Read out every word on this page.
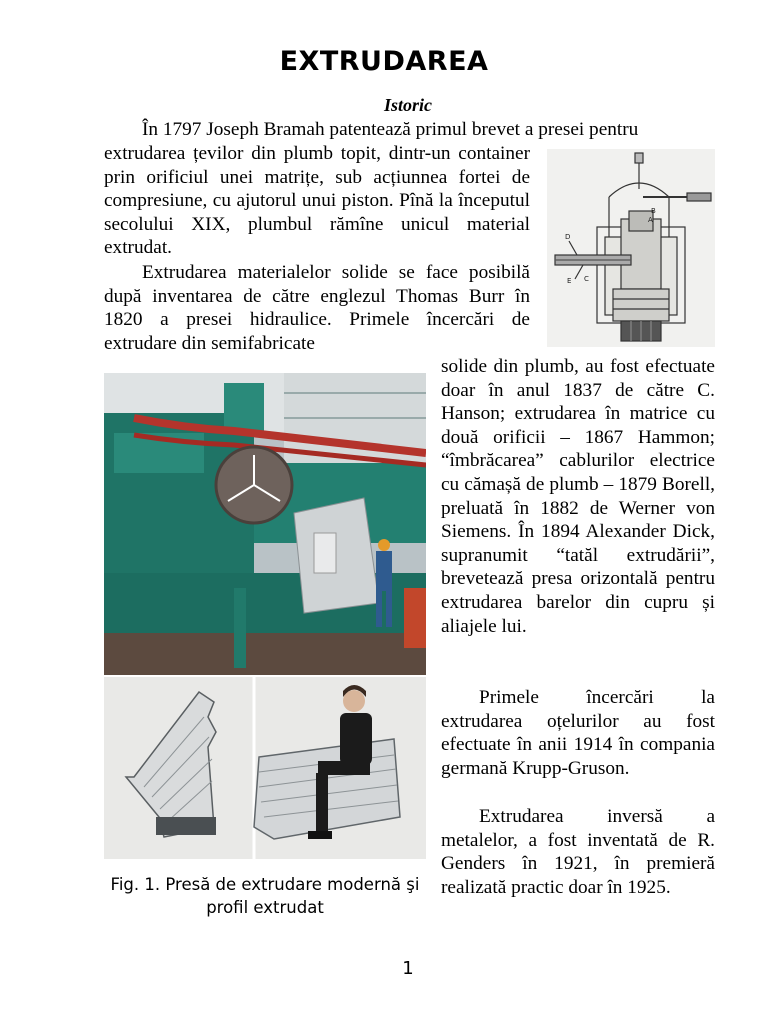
EXTRUDAREA
Istoric

În 1797 Joseph Bramah patentează primul brevet a presei pentru

extrudarea țevilor din plumb topit, dintr-un container prin orificiul unei matrițe, sub acțiunnea fortei de compresiune, cu ajutorul unui piston. Pînă la începutul secolului XIX, plumbul rămîne unicul material extrudat.

Extrudarea materialelor solide se face posibilă după inventarea de către englezul Thomas Burr în 1820 a presei hidraulice. Primele încercări de extrudare din semifabricate

solide din plumb, au fost efectuate doar în anul 1837 de către C. Hanson; extrudarea în matrice cu două orificii – 1867 Hammon; “îmbrăcarea” cablurilor electrice cu cămașă de plumb – 1879 Borell, preluată în 1882 de Werner von Siemens. În 1894 Alexander Dick, supranumit “tatăl extrudării”, brevetează presa orizontală pentru extrudarea barelor din cupru și aliajele lui.

Primele încercări la extrudarea oțelurilor au fost efectuate în anii 1914 în compania germană Krupp-Gruson.

Extrudarea inversă a metalelor, a fost inventată de R. Genders în 1921, în premieră realizată practic doar în 1925.

A
B
C
D
E
Fig. 1. Presă de extrudare modernă şi profil extrudat
1
